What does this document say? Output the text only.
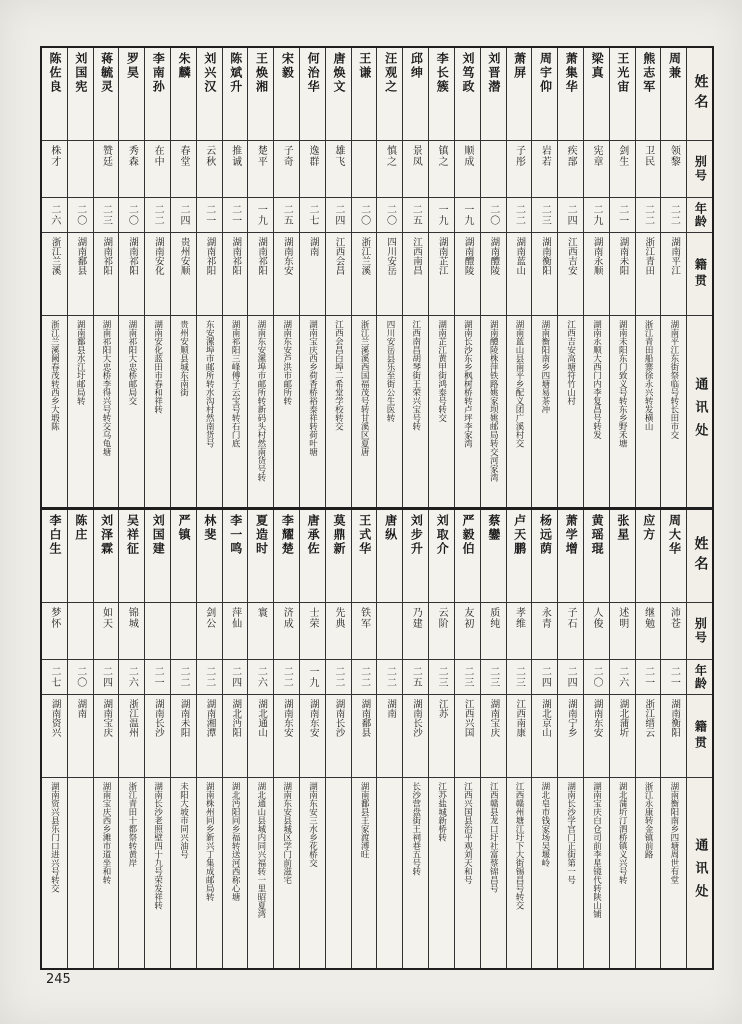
姓名
别号
年龄
籍贯
通讯处
周兼
领黎
二二
湖南平江
湖南平江东街祭临号转长田市交
熊志军
卫民
二二
浙江青田
浙江青田船寨徐永兴转发横山
王光宙
剑生
二一
湖南未阳
湖南未阳东门致义号转东乡野禾塘
梁真
宪章
二九
湖南永顺
湖南永顺大西门内李复昌号转发
萧集华
疾郚
二四
江西吉安
江西吉安高塘符竹山村
周宇仰
岩若
二三
湖南衡阳
湖南衡阳南乡四塘易茶冲
萧屏
子彤
二二
湖南蓝山
湖南蓝山县南平乡配义团广溪村交
刘晋潜
二〇
湖南醴陵
湖南醴陵株萍铁路姚家坝姚邮局转交河家湾
刘笃政
顺成
一九
湖南醴陵
湖南长沙东乡枫树桥转卢坪李家湾
李长簇
镇之
一九
湖南芷江
湖南芷江黄甲街鸿泰号转交
邱绅
景凤
二五
江西南昌
江西南昌胡琴街王荣兴宝号转
汪观之
慎之
二〇
四川安岳
四川安岳县乐至街公生医转
王谦
二〇
浙江兰溪
浙江兰溪溪西国福茂号转甘溪区夏唐
唐焕文
雄飞
二四
江西会昌
江西会昌白埠二希堂学校转交
何治华
逸群
二七
湖南
湖南宝庆西乡荷香桥裕泰祥转荷叶塘
宋毅
子奇
二五
湖南东安
湖南东安芦洪市邮所转
王焕湘
楚平
一九
湖南祁阳
湖南东安漯埠市邮所转新码头村然南货号转
陈斌升
推诚
二一
湖南祁阳
湖南祁阳三峰傅子云宝号转石门底
刘兴汉
云秋
二一
湖南祁阳
东安漯埠市邮所转水沟村然南货号
朱麟
春堂
二四
贵州安顺
贵州安顺县城东南街
李南孙
在中
二二
湖南安化
湖南安化蓝田市春和祥转
罗昊
秀森
二〇
湖南祁阳
湖南祁阳大忠桥邮局交
蒋毓灵
赞廷
二三
湖南祁阳
湖南祁阳大忠桥李得兴号转交乌龟塘
刘国宪
二〇
湖南鄱县
湖南鄱县水江圩邮局转
陈佐良
株才
二六
浙江兰溪
浙江兰溪阙春茂转西乡大塅陈
姓名
别号
年龄
籍贯
通讯处
周大华
沛苍
二一
湖南衡阳
湖南衡阳南乡四塘周世有堂
应方
继勉
二一
浙江缙云
浙江永康转金镇前路
张星
述明
二六
湖北蒲圻
湖北蒲圻汀泗桥镇义兴号转
黄瑶琨
人俊
二〇
湖南东安
湖南宝庆白仓司前李星镜代转陕山铺
萧学增
子石
二四
湖南宁乡
湖南长沙学宫门正街第一号
杨远荫
永青
二四
湖北京山
湖北皂市钱家场吴堰岭
卢天鹏
孝维
二三
江西南康
江西赣州塘江圩下大街锡昌号转交
蔡鑾
质纯
二三
湖南宝庆
江西赣县龙口圩社富蔡锦昌号
严毅伯
友初
二三
江西兴国
江西兴国县治平观刘天和号
刘取介
云阶
二三
江苏
江苏盐城新桥转
刘步升
乃建
二五
湖南长沙
长沙营盘街王祠巷五号转
唐纵
二二
湖南
王式华
铁军
二二
湖南鄱县
湖南鄱县王家渡溥旺
莫鼎新
先典
二二
湖南长沙
唐承佐
士荣
一九
湖南东安
湖南东安三水乡花桥交
李耀楚
济成
二二
湖南东安
湖南东安县城区学门前滋宅
夏造时
寰
二六
湖北通山
湖北通山县城内同兴福转一里昭夏湾
李一鸣
萍仙
二四
湖北沔阳
湖北沔阳同乡福转送河西称心塘
林斐
剑公
二二
湖南湘潭
湖南株州同乡新兴丁集成邮局转
严镇
二二
湖南未阳
未阳大坡市同兴油号
刘国建
二一
湖南长沙
湖南长沙老照壁四十九号荣发祥转
吴祥征
锦城
二六
浙江温州
浙江青田十都祭转黄岸
刘泽霖
如天
二四
湖南宝庆
湖南宝庆西乡滩市道坐和转
陈庄
二〇
湖南
李白生
梦怀
二七
湖南资兴
湖南资兴县乐门口进兴号转交
245
